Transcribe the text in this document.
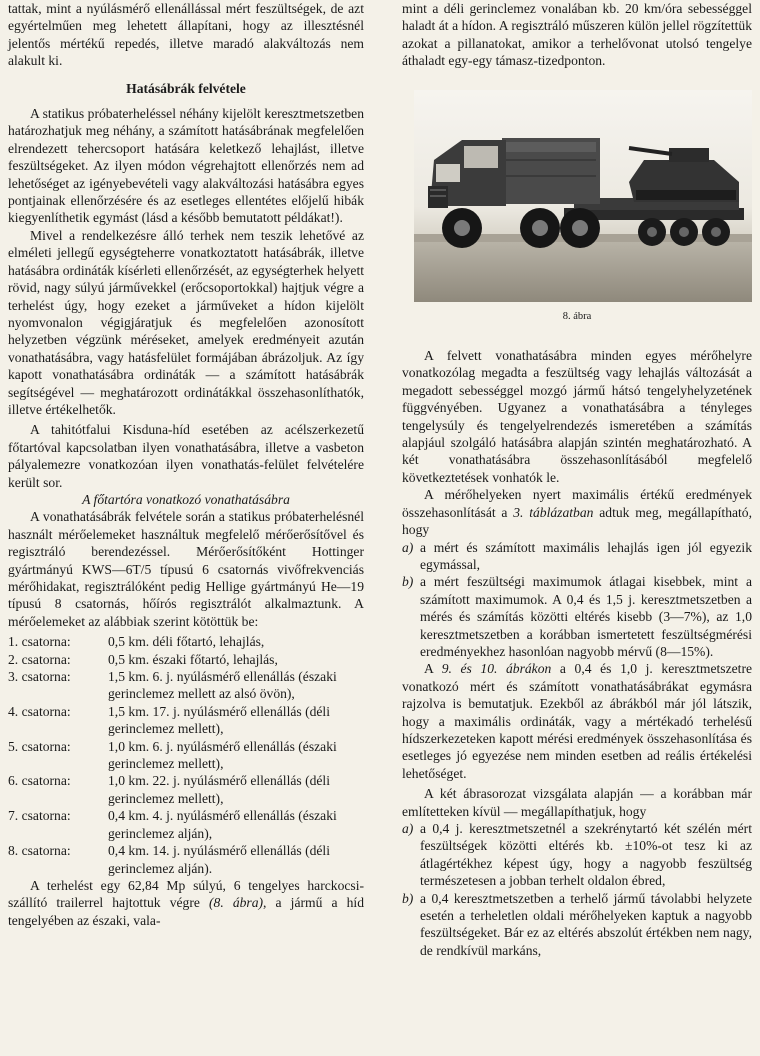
tattak, mint a nyúlásmérő ellenállással mért feszültségek, de azt egyértelműen meg lehetett állapítani, hogy az illesztésnél jelentős mértékű repedés, illetve maradó alakváltozás nem alakult ki.

Hatásábrák felvétele

A statikus próbaterheléssel néhány kijelölt keresztmetszetben határozhatjuk meg néhány, a számított hatásábrának megfelelően elrendezett tehercsoport hatására keletkező lehajlást, illetve feszültségeket. Az ilyen módon végrehajtott ellenőrzés nem ad lehetőséget az igényebevételi vagy alakváltozási hatásábra egyes pontjainak ellenőrzésére és az esetleges ellentétes előjelű hibák kiegyenlíthetik egymást (lásd a később bemutatott példákat!).

Mivel a rendelkezésre álló terhek nem teszik lehetővé az elméleti jellegű egységteherre vonatkoztatott hatásábrák, illetve hatásábra ordináták kísérleti ellenőrzését, az egységterhek helyett rövid, nagy súlyú járművekkel (erőcsoportokkal) hajtjuk végre a terhelést úgy, hogy ezeket a járműveket a hídon kijelölt nyomvonalon végigjáratjuk és megfelelően azonosított helyzetben végzünk méréseket, amelyek eredményeit azután vonathatásábra, vagy hatásfelület formájában ábrázoljuk. Az így kapott vonathatásábra ordináták — a számított hatásábrák segítségével — meghatározott ordinátákkal összehasonlíthatók, illetve értékelhetők.

A tahitótfalui Kisduna-híd esetében az acélszerkezetű főtartóval kapcsolatban ilyen vonathatásábra, illetve a vasbeton pályalemezre vonatkozóan ilyen vonathatás-felület felvételére került sor.

A főtartóra vonatkozó vonathatásábra

A vonathatásábrák felvétele során a statikus próbaterhelésnél használt mérőelemeket használtuk megfelelő mérőerősítővel és regisztráló berendezéssel. Mérőerősítőként Hottinger gyártmányú KWS—6T/5 típusú 6 csatornás vivőfrekvenciás mérőhidakat, regisztrálóként pedig Hellige gyártmányú He—19 típusú 8 csatornás, hőírós regisztrálót alkalmaztunk. A mérőelemeket az alábbiak szerint kötöttük be:

1. csatorna:	0,5 km. déli főtartó, lehajlás,
2. csatorna:	0,5 km. északi főtartó, lehajlás,
3. csatorna:	1,5 km. 6. j. nyúlásmérő ellenállás (északi gerinclemez mellett az alsó övön),
4. csatorna:	1,5 km. 17. j. nyúlásmérő ellenállás (déli gerinclemez mellett),
5. csatorna:	1,0 km. 6. j. nyúlásmérő ellenállás (északi gerinclemez mellett),
6. csatorna:	1,0 km. 22. j. nyúlásmérő ellenállás (déli gerinclemez mellett),
7. csatorna:	0,4 km. 4. j. nyúlásmérő ellenállás (északi gerinclemez alján),
8. csatorna:	0,4 km. 14. j. nyúlásmérő ellenállás (déli gerinclemez alján).

A terhelést egy 62,84 Mp súlyú, 6 tengelyes harckocsi-szállító trailerrel hajtottuk végre (8. ábra), a jármű a híd tengelyében az északi, vala-

mint a déli gerinclemez vonalában kb. 20 km/óra sebességgel haladt át a hídon. A regisztráló műszeren külön jellel rögzítettük azokat a pillanatokat, amikor a terhelővonat utolsó tengelye áthaladt egy-egy támasz-tizedponton.

8. ábra

A felvett vonathatásábra minden egyes mérőhelyre vonatkozólag megadta a feszültség vagy lehajlás változását a megadott sebességgel mozgó jármű hátsó tengelyhelyzetének függvényében. Ugyanez a vonathatásábra a tényleges tengelysúly és tengelyelrendezés ismeretében a számítás alapjául szolgáló hatásábra alapján szintén meghatározható. A két vonathatásábra összehasonlításából megfelelő következtetések vonhatók le.

A mérőhelyeken nyert maximális értékű eredmények összehasonlítását a 3. táblázatban adtuk meg, megállapítható, hogy

a) a mért és számított maximális lehajlás igen jól egyezik egymással,
b) a mért feszültségi maximumok átlagai kisebbek, mint a számított maximumok. A 0,4 és 1,5 j. keresztmetszetben a mérés és számítás közötti eltérés kisebb (3—7%), az 1,0 keresztmetszetben a korábban ismertetett feszültségmérési eredményekhez hasonlóan nagyobb mérvű (8—15%).

A 9. és 10. ábrákon a 0,4 és 1,0 j. keresztmetszetre vonatkozó mért és számított vonathatásábrákat egymásra rajzolva is bemutatjuk. Ezekből az ábrákból már jól látszik, hogy a maximális ordináták, vagy a mértékadó terhelésű hídszerkezeteken kapott mérési eredmények összehasonlítása és esetleges jó egyezése nem minden esetben ad reális értékelési lehetőséget.

A két ábrasorozat vizsgálata alapján — a korábban már említetteken kívül — megállapíthatjuk, hogy

a) a 0,4 j. keresztmetszetnél a szekrénytartó két szélén mért feszültségek közötti eltérés kb. ±10%-ot tesz ki az átlagértékhez képest úgy, hogy a nagyobb feszültség természetesen a jobban terhelt oldalon ébred,
b) a 0,4 keresztmetszetben a terhelő jármű távolabbi helyzete esetén a terheletlen oldali mérőhelyeken kaptuk a nagyobb feszültségeket. Bár ez az eltérés abszolút értékben nem nagy, de rendkívül markáns,
